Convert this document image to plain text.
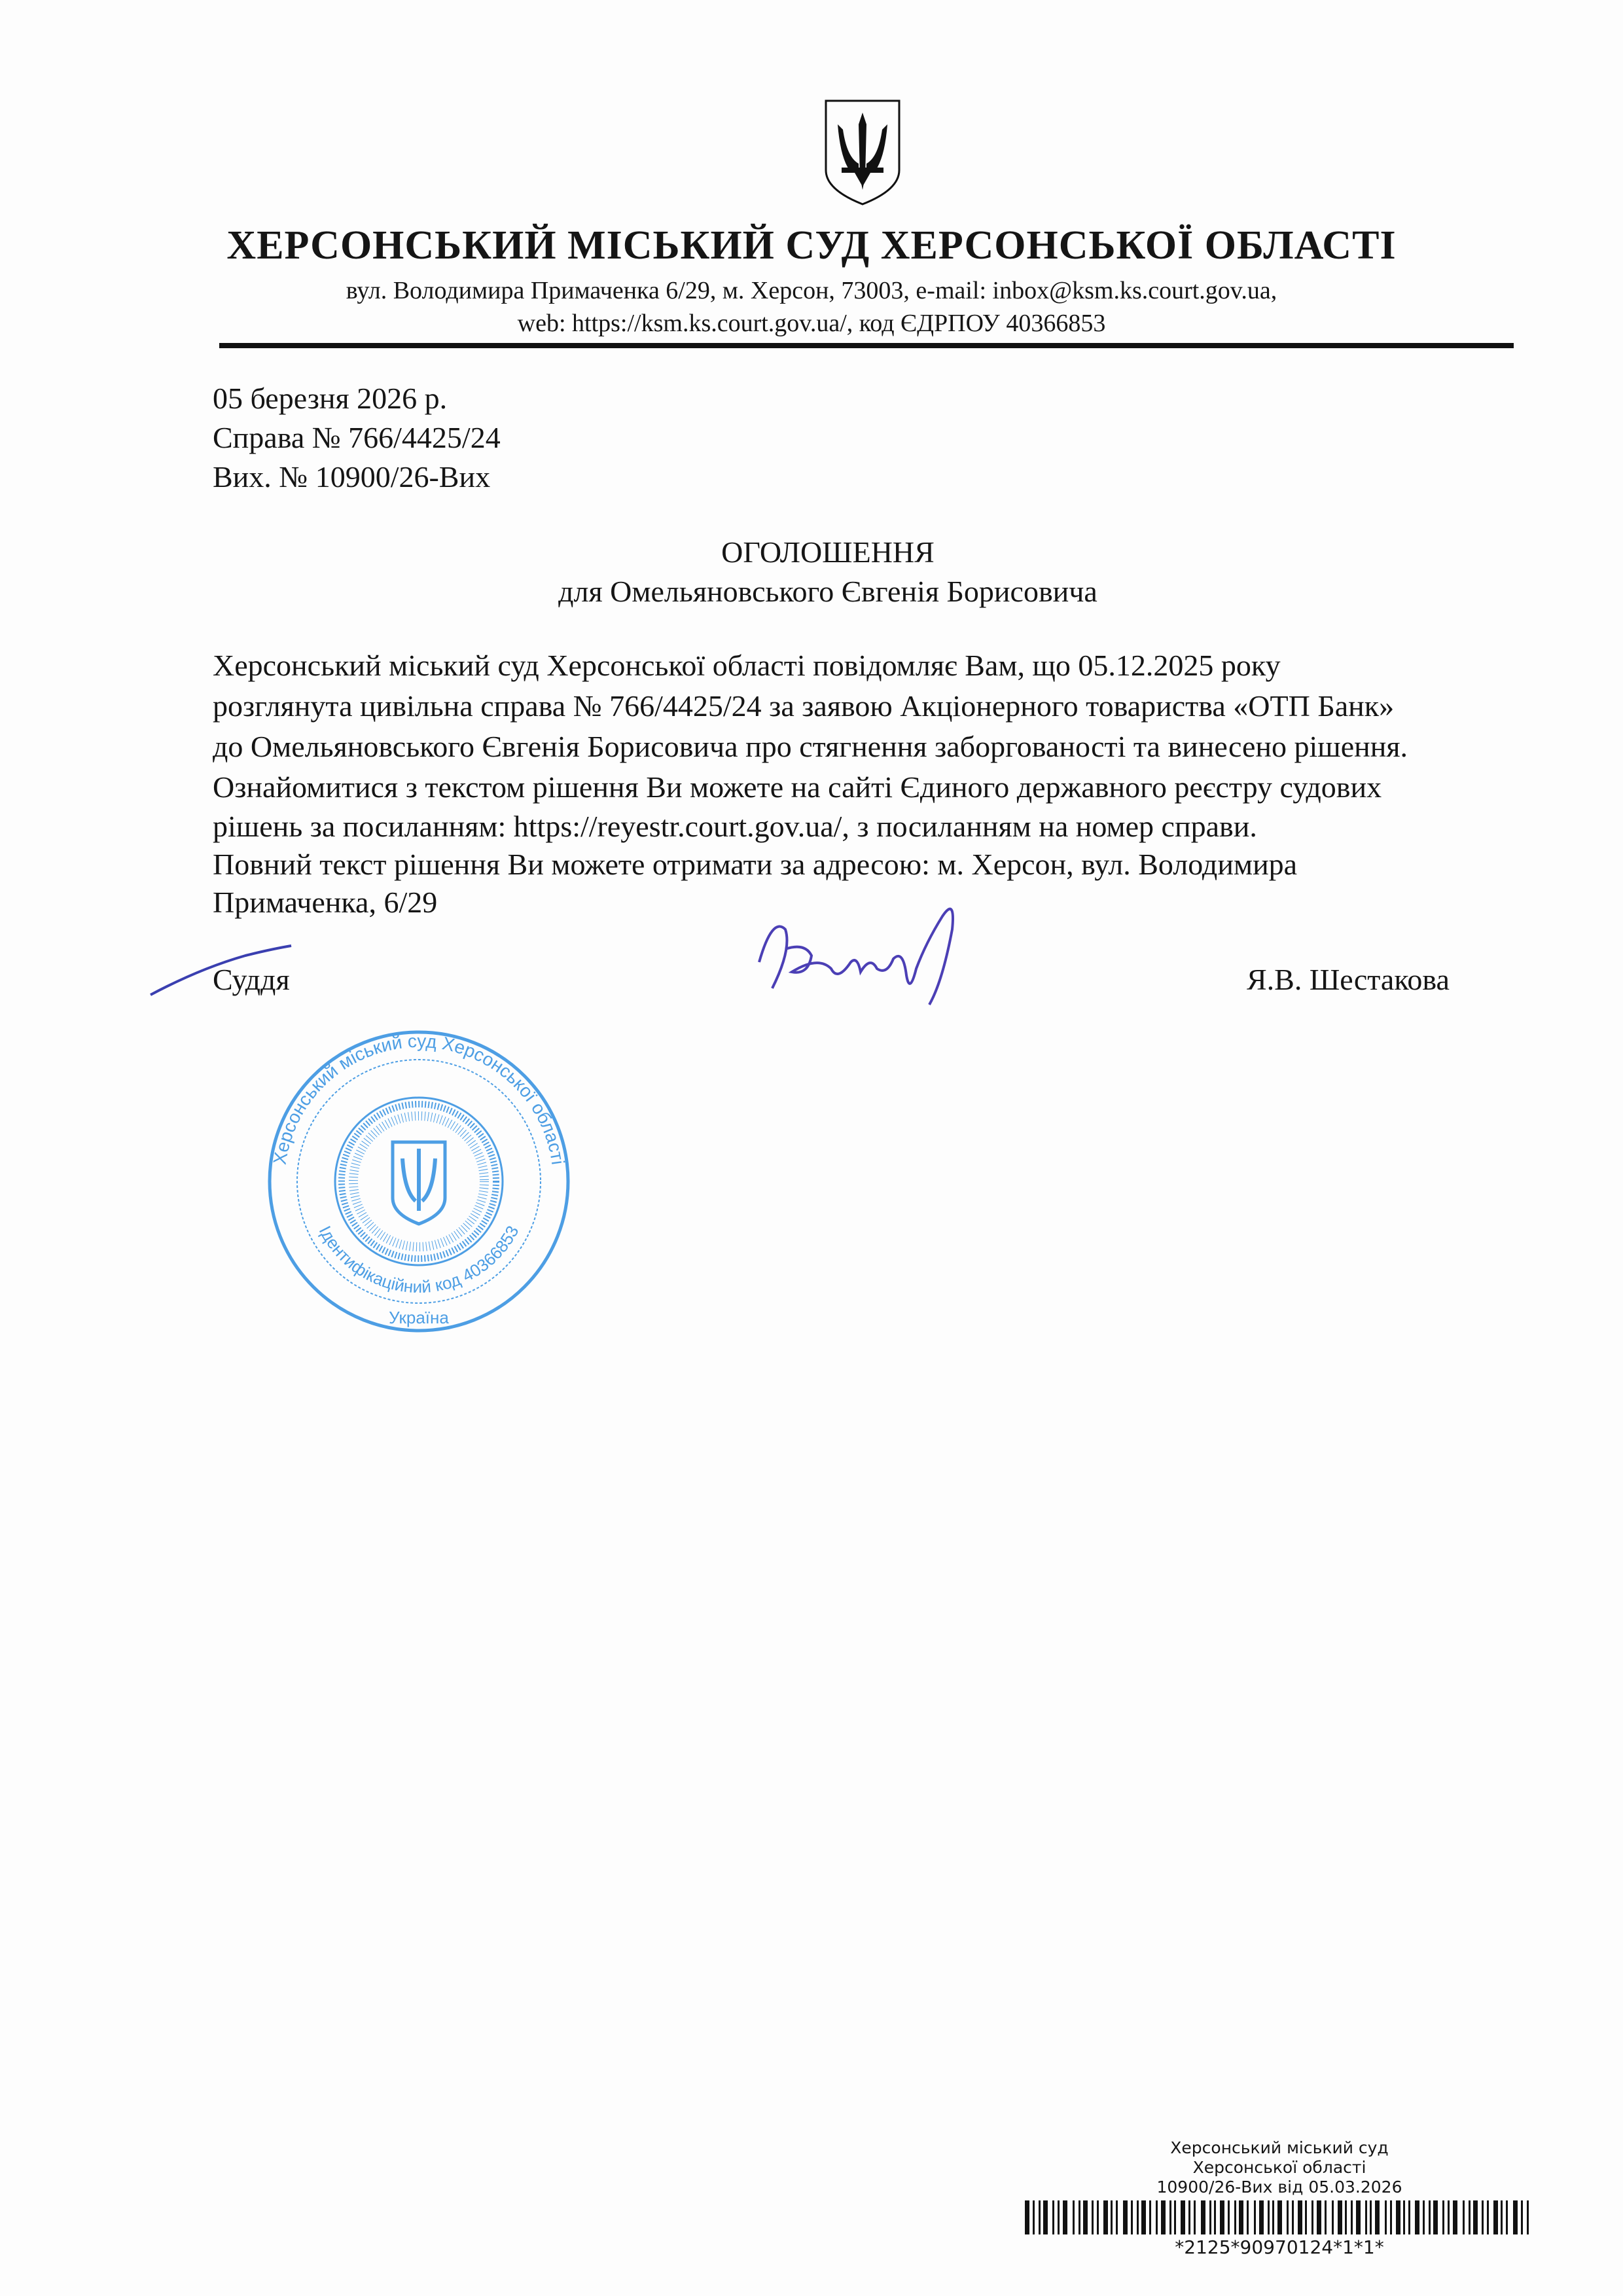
ХЕРСОНСЬКИЙ МІСЬКИЙ СУД ХЕРСОНСЬКОЇ ОБЛАСТІ
вул. Володимира Примаченка 6/29, м. Херсон, 73003, e-mail: inbox@ksm.ks.court.gov.ua,
web: https://ksm.ks.court.gov.ua/, код ЄДРПОУ 40366853
05 березня 2026 р.
Справа № 766/4425/24
Вих. № 10900/26-Вих
ОГОЛОШЕННЯ
для Омельяновського Євгенія Борисовича
Херсонський міський суд Херсонської області повідомляє Вам, що 05.12.2025 року
розглянута цивільна справа № 766/4425/24 за заявою Акціонерного товариства «ОТП Банк»
до Омельяновського Євгенія Борисовича про стягнення заборгованості та винесено рішення.
Ознайомитися з текстом рішення Ви можете на сайті Єдиного державного реєстру судових
рішень за посиланням: https://reyestr.court.gov.ua/, з посиланням на номер справи.
Повний текст рішення Ви можете отримати за адресою: м. Херсон, вул. Володимира
Примаченка, 6/29
Херсонський міський суд Херсонської області
Ідентифікаційний код 40366853
Україна
Суддя	Я.В. Шестакова
Херсонський міський суд
Херсонської області
10900/26-Вих від 05.03.2026
*2125*90970124*1*1*
